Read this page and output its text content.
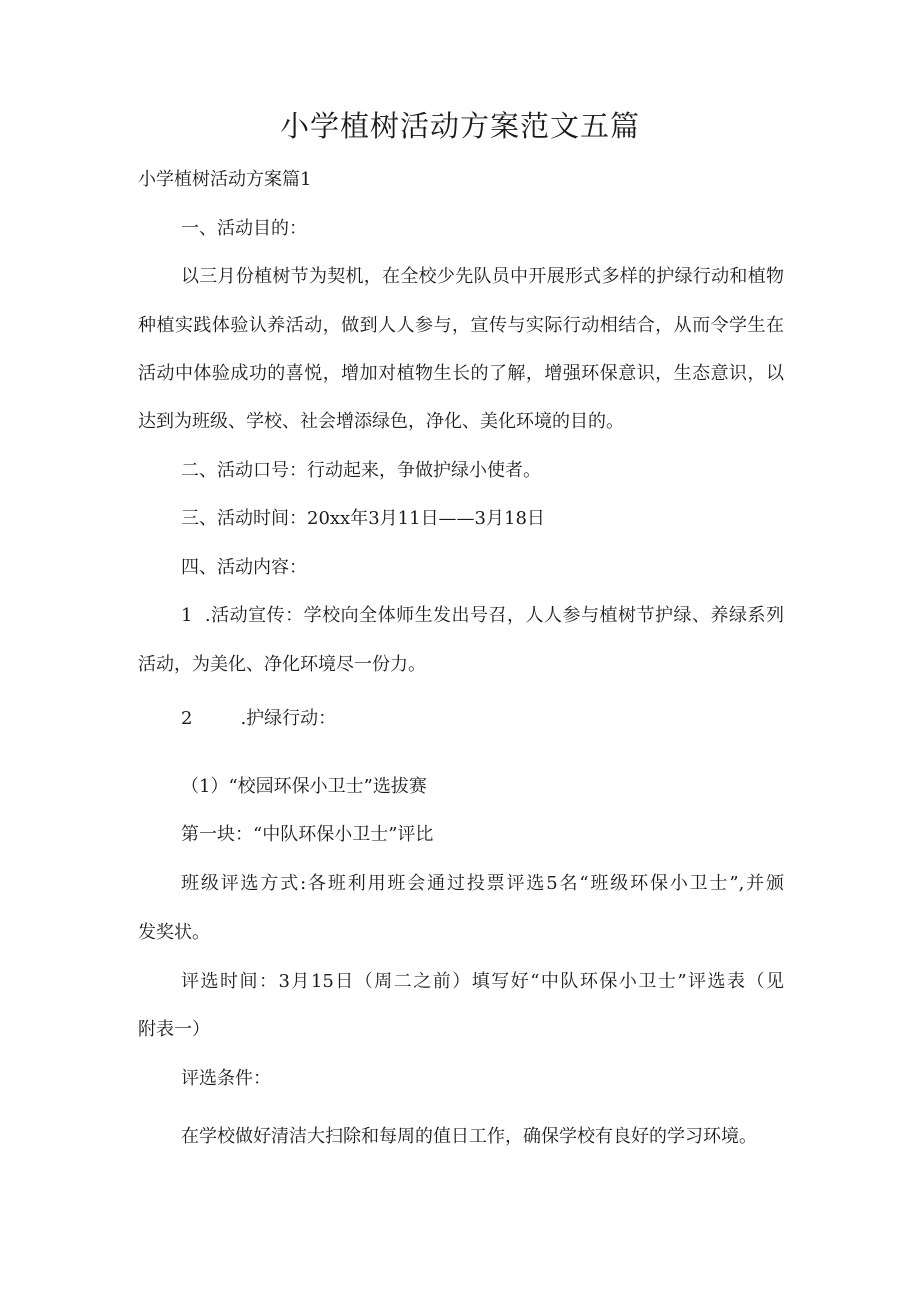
小学植树活动方案范文五篇
小学植树活动方案篇1
一、活动目的：
以三月份植树节为契机，在全校少先队员中开展形式多样的护绿行动和植物
种植实践体验认养活动，做到人人参与，宣传与实际行动相结合，从而令学生在
活动中体验成功的喜悦，增加对植物生长的了解，增强环保意识，生态意识，以
达到为班级、学校、社会增添绿色，净化、美化环境的目的。
二、活动口号：行动起来，争做护绿小使者。
三、活动时间：20xx年3月11日——3月18日
四、活动内容：
1  .活动宣传：学校向全体师生发出号召，人人参与植树节护绿、养绿系列
活动，为美化、净化环境尽一份力。
2	.护绿行动：
（1）“校园环保小卫士”选拔赛
第一块：“中队环保小卫士”评比
班级评选方式:各班利用班会通过投票评选5名“班级环保小卫士”,并颁
发奖状。
评选时间：3月15日（周二之前）填写好“中队环保小卫士”评选表（见
附表一）
评选条件：
在学校做好清洁大扫除和每周的值日工作，确保学校有良好的学习环境。
